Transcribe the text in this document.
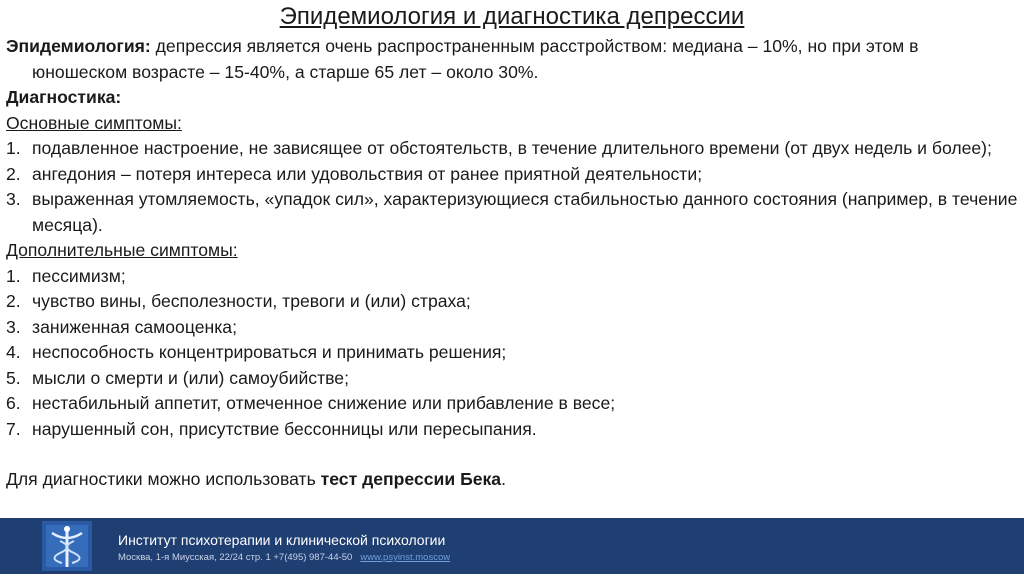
Эпидемиология и диагностика депрессии

Эпидемиология: депрессия является очень распространенным расстройством: медиана – 10%, но при этом в юношеском возрасте – 15-40%, а старше 65 лет – около 30%.

Диагностика:

Основные симптомы:

1. подавленное настроение, не зависящее от обстоятельств, в течение длительного времени (от двух недель и более);
2. ангедония – потеря интереса или удовольствия от ранее приятной деятельности;
3. выраженная утомляемость, «упадок сил», характеризующиеся стабильностью данного состояния (например, в течение месяца).

Дополнительные симптомы:

1. пессимизм;
2. чувство вины, бесполезности, тревоги и (или) страха;
3. заниженная самооценка;
4. неспособность концентрироваться и принимать решения;
5. мысли о смерти и (или) самоубийстве;
6. нестабильный аппетит, отмеченное снижение или прибавление в весе;
7. нарушенный сон, присутствие бессонницы или пересыпания.

Для диагностики можно использовать тест депрессии Бека.

Институт психотерапии и клинической психологии
Москва, 1-я Миусская, 22/24 стр. 1 +7(495) 987-44-50 www.psyinst.moscow
